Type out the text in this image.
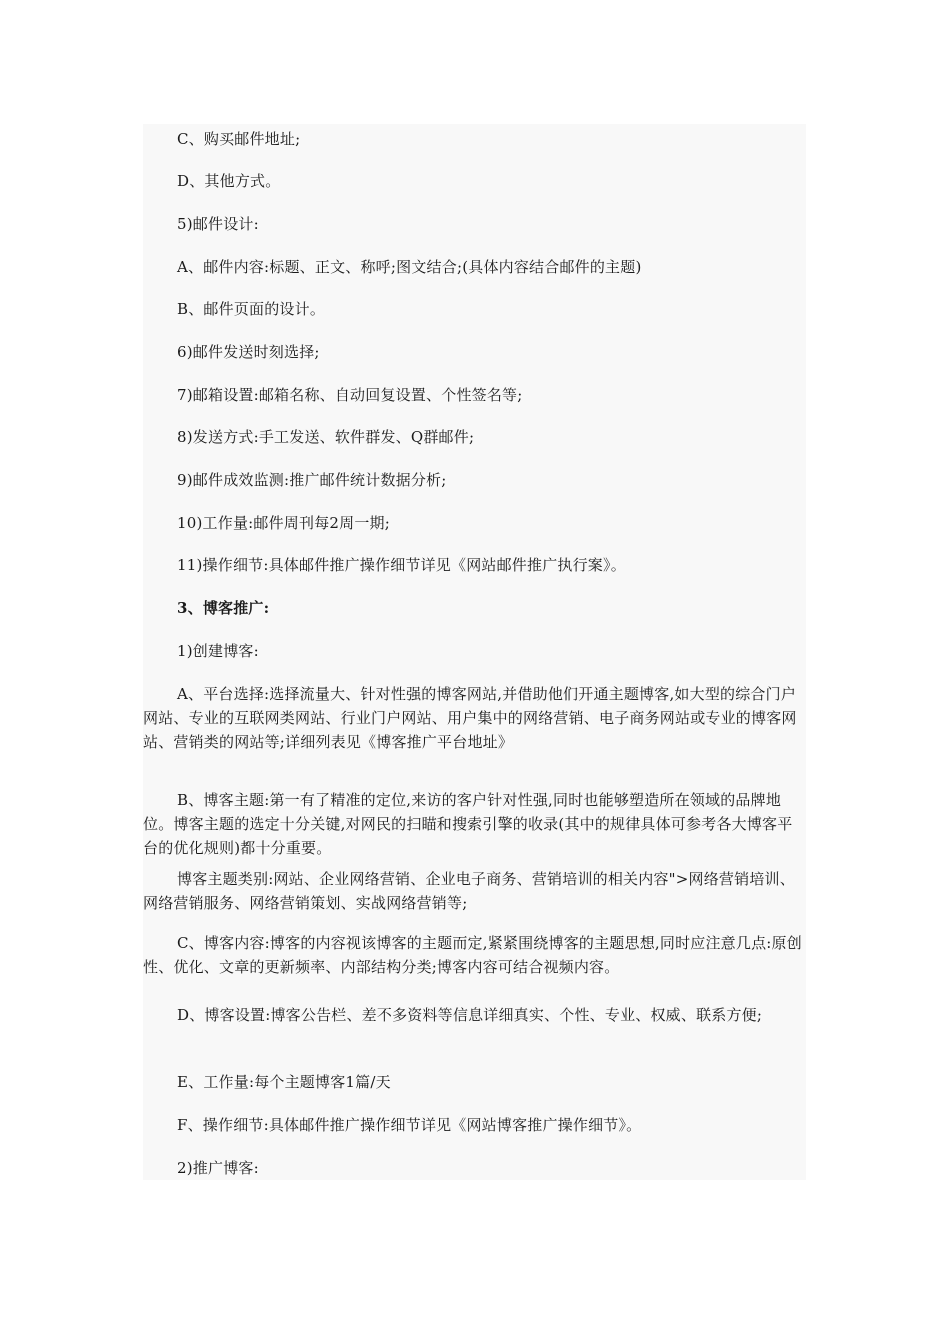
C、购买邮件地址;

D、其他方式。

5)邮件设计:

A、邮件内容:标题、正文、称呼;图文结合;(具体内容结合邮件的主题)

B、邮件页面的设计。

6)邮件发送时刻选择;

7)邮箱设置:邮箱名称、自动回复设置、个性签名等;

8)发送方式:手工发送、软件群发、Q群邮件;

9)邮件成效监测:推广邮件统计数据分析;

10)工作量:邮件周刊每2周一期;

11)操作细节:具体邮件推广操作细节详见《网站邮件推广执行案》。

3、博客推广:

1)创建博客:

A、平台选择:选择流量大、针对性强的博客网站,并借助他们开通主题博客,如大型的综合门户网站、专业的互联网类网站、行业门户网站、用户集中的网络营销、电子商务网站或专业的博客网站、营销类的网站等;详细列表见《博客推广平台地址》

B、博客主题:第一有了精准的定位,来访的客户针对性强,同时也能够塑造所在领域的品牌地位。博客主题的选定十分关键,对网民的扫瞄和搜索引擎的收录(其中的规律具体可参考各大博客平台的优化规则)都十分重要。

博客主题类别:网站、企业网络营销、企业电子商务、营销培训的相关内容">网络营销培训、网络营销服务、网络营销策划、实战网络营销等;

C、博客内容:博客的内容视该博客的主题而定,紧紧围绕博客的主题思想,同时应注意几点:原创性、优化、文章的更新频率、内部结构分类;博客内容可结合视频内容。

D、博客设置:博客公告栏、差不多资料等信息详细真实、个性、专业、权威、联系方便;

E、工作量:每个主题博客1篇/天

F、操作细节:具体邮件推广操作细节详见《网站博客推广操作细节》。

2)推广博客:
